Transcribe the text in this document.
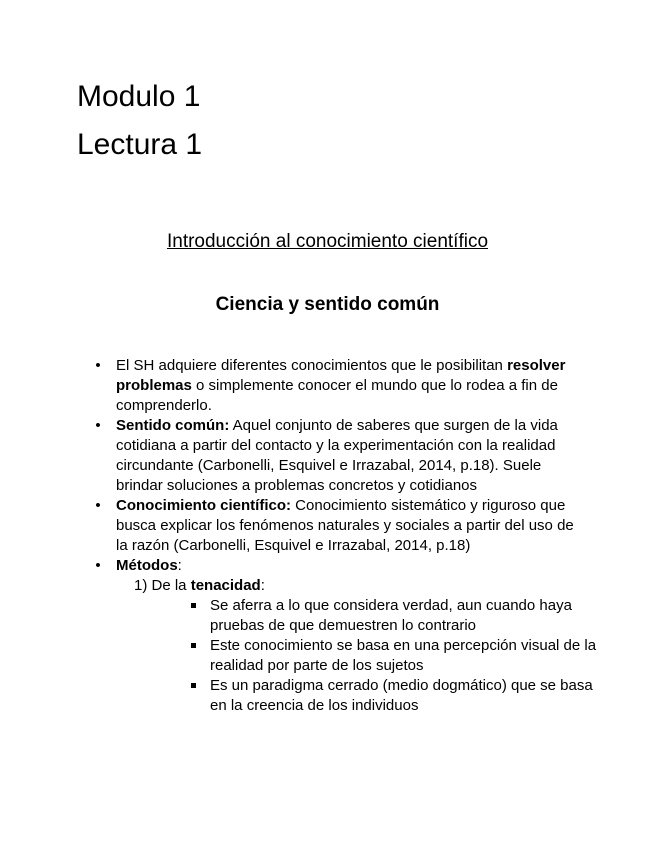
Modulo 1
Lectura 1
Introducción al conocimiento científico
Ciencia y sentido común
• El SH adquiere diferentes conocimientos que le posibilitan resolver problemas o simplemente conocer el mundo que lo rodea a fin de comprenderlo.
• Sentido común: Aquel conjunto de saberes que surgen de la vida cotidiana a partir del contacto y la experimentación con la realidad circundante (Carbonelli, Esquivel e Irrazabal, 2014, p.18). Suele brindar soluciones a problemas concretos y cotidianos
• Conocimiento científico: Conocimiento sistemático y riguroso que busca explicar los fenómenos naturales y sociales a partir del uso de la razón (Carbonelli, Esquivel e Irrazabal, 2014, p.18)
• Métodos:
1) De la tenacidad:
Se aferra a lo que considera verdad, aun cuando haya pruebas de que demuestren lo contrario
Este conocimiento se basa en una percepción visual de la realidad por parte de los sujetos
Es un paradigma cerrado (medio dogmático) que se basa en la creencia de los individuos
